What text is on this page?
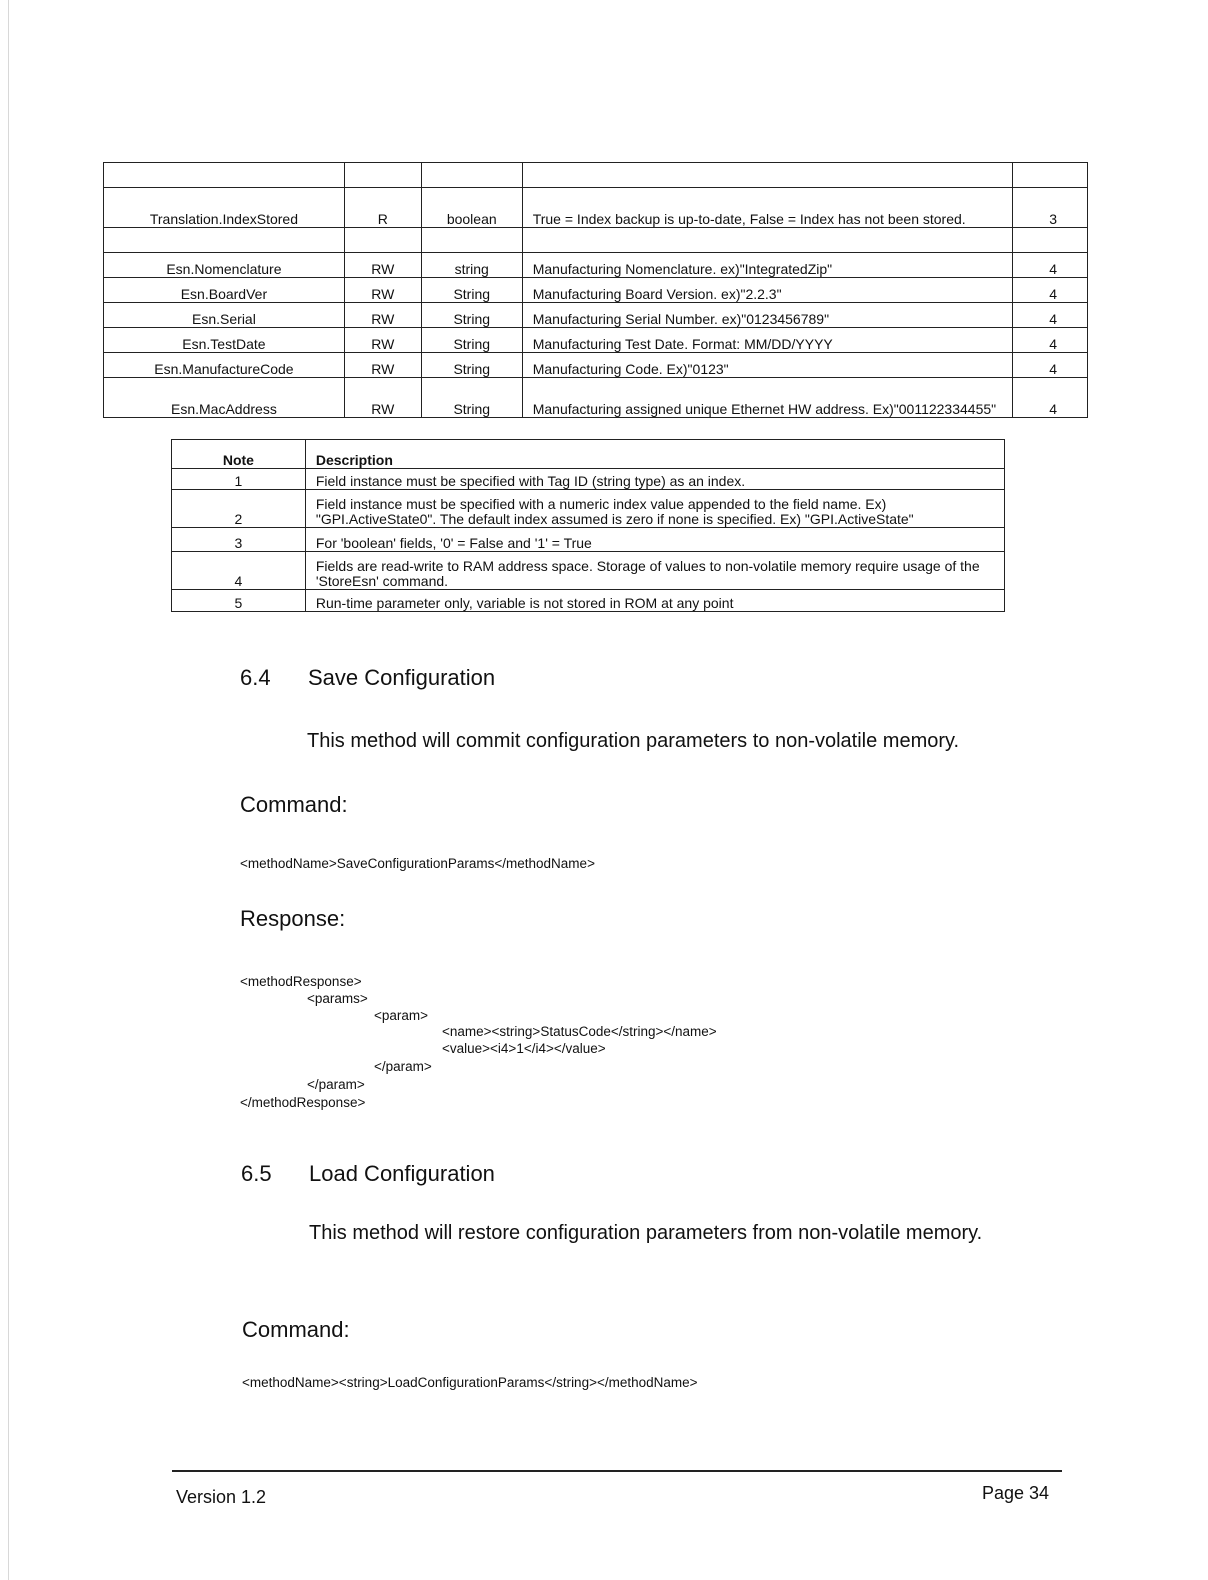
Translation.IndexStored	R	boolean	True = Index backup is up-to-date, False = Index has not been stored.	3

Esn.Nomenclature	RW	string	Manufacturing Nomenclature. ex)"IntegratedZip"	4
Esn.BoardVer	RW	String	Manufacturing Board Version. ex)"2.2.3"	4
Esn.Serial	RW	String	Manufacturing Serial Number. ex)"0123456789"	4
Esn.TestDate	RW	String	Manufacturing Test Date. Format: MM/DD/YYYY	4
Esn.ManufactureCode	RW	String	Manufacturing Code. Ex)"0123"	4
Esn.MacAddress	RW	String	Manufacturing assigned unique Ethernet HW address. Ex)"001122334455"	4
Note	Description
1	Field instance must be specified with Tag ID (string type) as an index.
2	Field instance must be specified with a numeric index value appended to the field name. Ex) "GPI.ActiveState0". The default index assumed is zero if none is specified. Ex) "GPI.ActiveState"
3	For 'boolean' fields, '0' = False and '1' = True
4	Fields are read-write to RAM address space. Storage of values to non-volatile memory require usage of the 'StoreEsn' command.
5	Run-time parameter only, variable is not stored in ROM at any point
6.4 Save Configuration
This method will commit configuration parameters to non-volatile memory.
Command:
<methodName>SaveConfigurationParams</methodName>
Response:
<methodResponse>
<params>
<param>
<name><string>StatusCode</string></name>
<value><i4>1</i4></value>
</param>
</param>
</methodResponse>
6.5 Load Configuration
This method will restore configuration parameters from non-volatile memory.
Command:
<methodName><string>LoadConfigurationParams</string></methodName>
Version 1.2	Page 34
